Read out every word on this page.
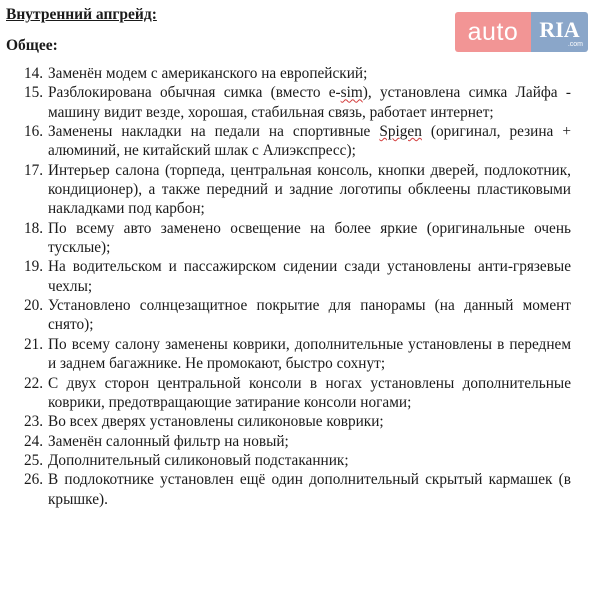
Внутренний апгрейд:
Общее:	auto RIA
.com
14. Заменён модем с американского на европейский;
15. Разблокирована обычная симка (вместо e-sim), установлена симка Лайфа - машину видит везде, хорошая, стабильная связь, работает интернет;
16. Заменены накладки на педали на спортивные Spigen (оригинал, резина + алюминий, не китайский шлак с Алиэкспресс);
17. Интерьер салона (торпеда, центральная консоль, кнопки дверей, подлокотник, кондиционер), а также передний и задние логотипы обклеены пластиковыми накладками под карбон;
18. По всему авто заменено освещение на более яркие (оригинальные очень тусклые);
19. На водительском и пассажирском сидении сзади установлены анти-грязевые чехлы;
20. Установлено солнцезащитное покрытие для панорамы (на данный момент снято);
21. По всему салону заменены коврики, дополнительные установлены в переднем и заднем багажнике. Не промокают, быстро сохнут;
22. С двух сторон центральной консоли в ногах установлены дополнительные коврики, предотвращающие затирание консоли ногами;
23. Во всех дверях установлены силиконовые коврики;
24. Заменён салонный фильтр на новый;
25. Дополнительный силиконовый подстаканник;
26. В подлокотнике установлен ещё один дополнительный скрытый кармашек (в крышке).
